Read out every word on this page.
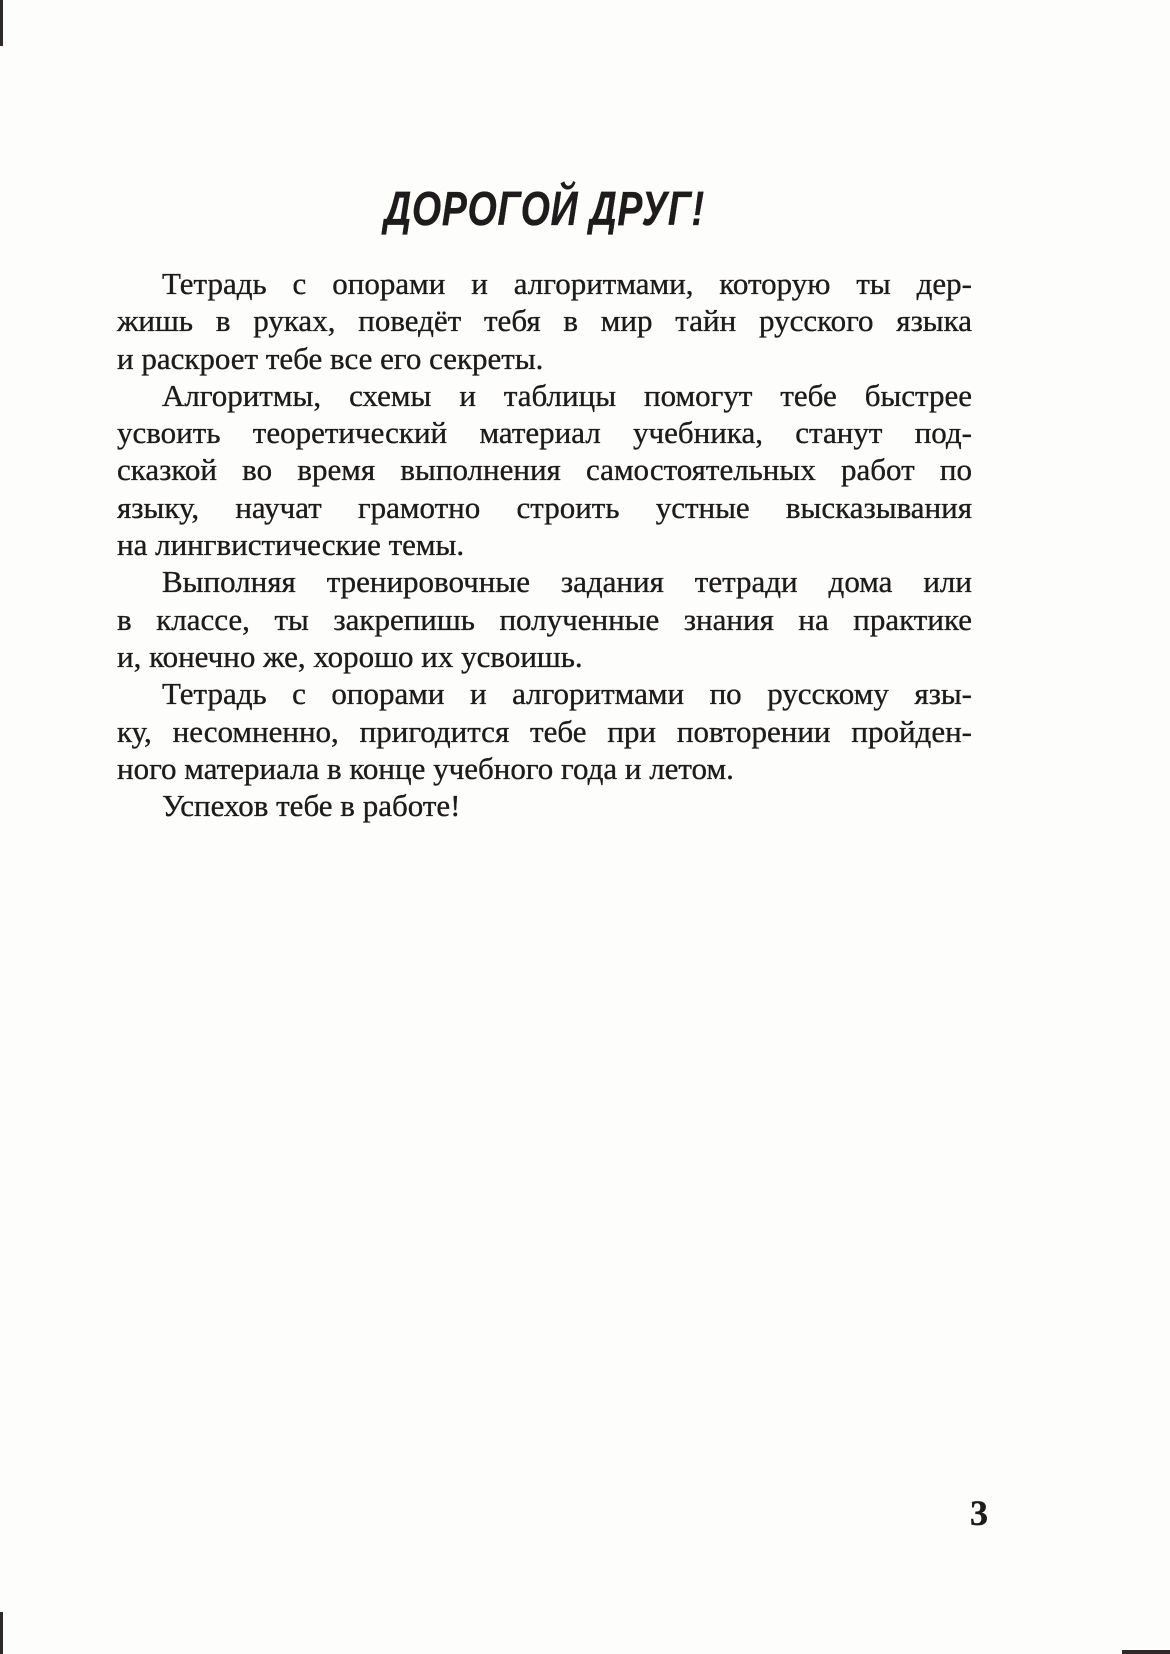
ДОРОГОЙ ДРУГ!
Тетрадь с опорами и алгоритмами, которую ты дер-
жишь в руках, поведёт тебя в мир тайн русского языка
и раскроет тебе все его секреты.
Алгоритмы, схемы и таблицы помогут тебе быстрее
усвоить теоретический материал учебника, станут под-
сказкой во время выполнения самостоятельных работ по
языку, научат грамотно строить устные высказывания
на лингвистические темы.
Выполняя тренировочные задания тетради дома или
в классе, ты закрепишь полученные знания на практике
и, конечно же, хорошо их усвоишь.
Тетрадь с опорами и алгоритмами по русскому язы-
ку, несомненно, пригодится тебе при повторении пройден-
ного материала в конце учебного года и летом.
Успехов тебе в работе!
3
